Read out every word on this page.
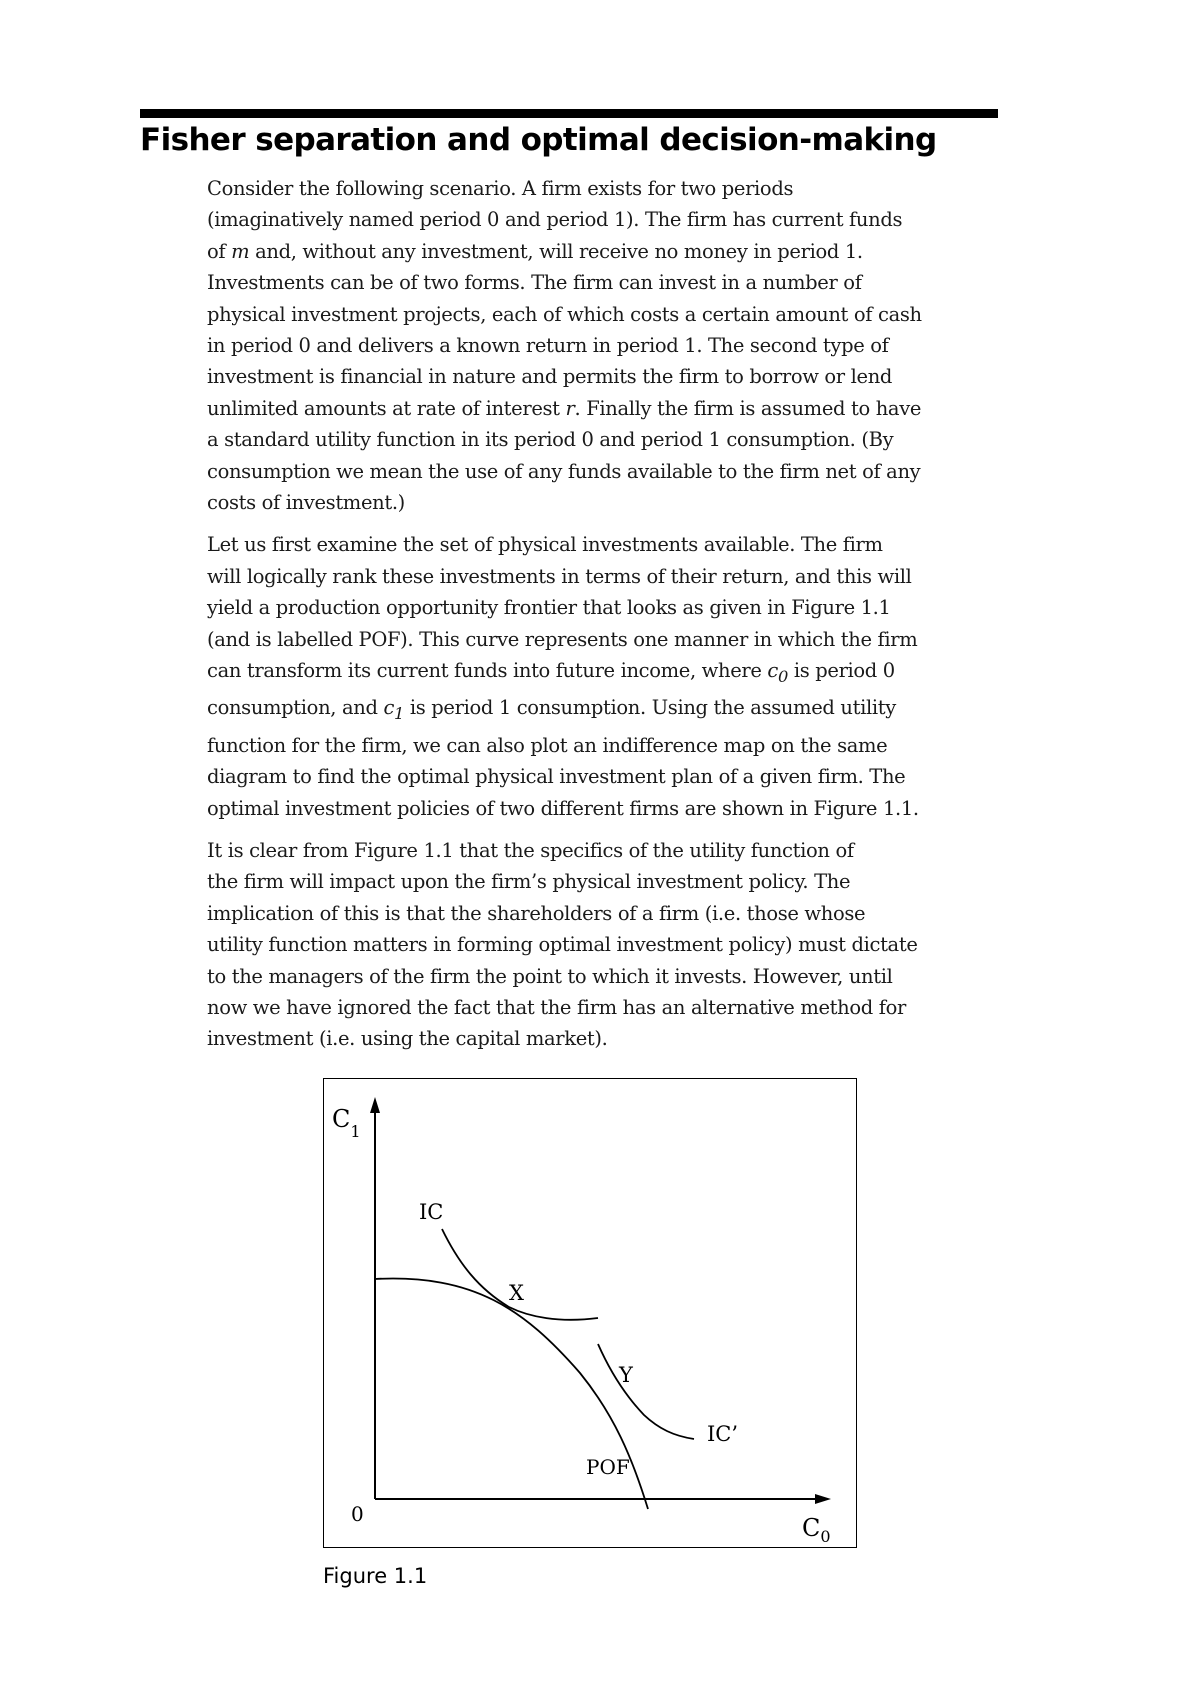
Fisher separation and optimal decision-making

Consider the following scenario. A firm exists for two periods
(imaginatively named period 0 and period 1). The firm has current funds
of m and, without any investment, will receive no money in period 1.
Investments can be of two forms. The firm can invest in a number of
physical investment projects, each of which costs a certain amount of cash
in period 0 and delivers a known return in period 1. The second type of
investment is financial in nature and permits the firm to borrow or lend
unlimited amounts at rate of interest r. Finally the firm is assumed to have
a standard utility function in its period 0 and period 1 consumption. (By
consumption we mean the use of any funds available to the firm net of any
costs of investment.)

Let us first examine the set of physical investments available. The firm
will logically rank these investments in terms of their return, and this will
yield a production opportunity frontier that looks as given in Figure 1.1
(and is labelled POF). This curve represents one manner in which the firm
can transform its current funds into future income, where $c_0$ is period 0
consumption, and $c_1$ is period 1 consumption. Using the assumed utility
function for the firm, we can also plot an indifference map on the same
diagram to find the optimal physical investment plan of a given firm. The
optimal investment policies of two different firms are shown in Figure 1.1.

It is clear from Figure 1.1 that the specifics of the utility function of
the firm will impact upon the firm’s physical investment policy. The
implication of this is that the shareholders of a firm (i.e. those whose
utility function matters in forming optimal investment policy) must dictate
to the managers of the firm the point to which it invests. However, until
now we have ignored the fact that the firm has an alternative method for
investment (i.e. using the capital market).

$C_1$
$C_0$
0
IC
X
Y
IC’
POF
Figure 1.1
